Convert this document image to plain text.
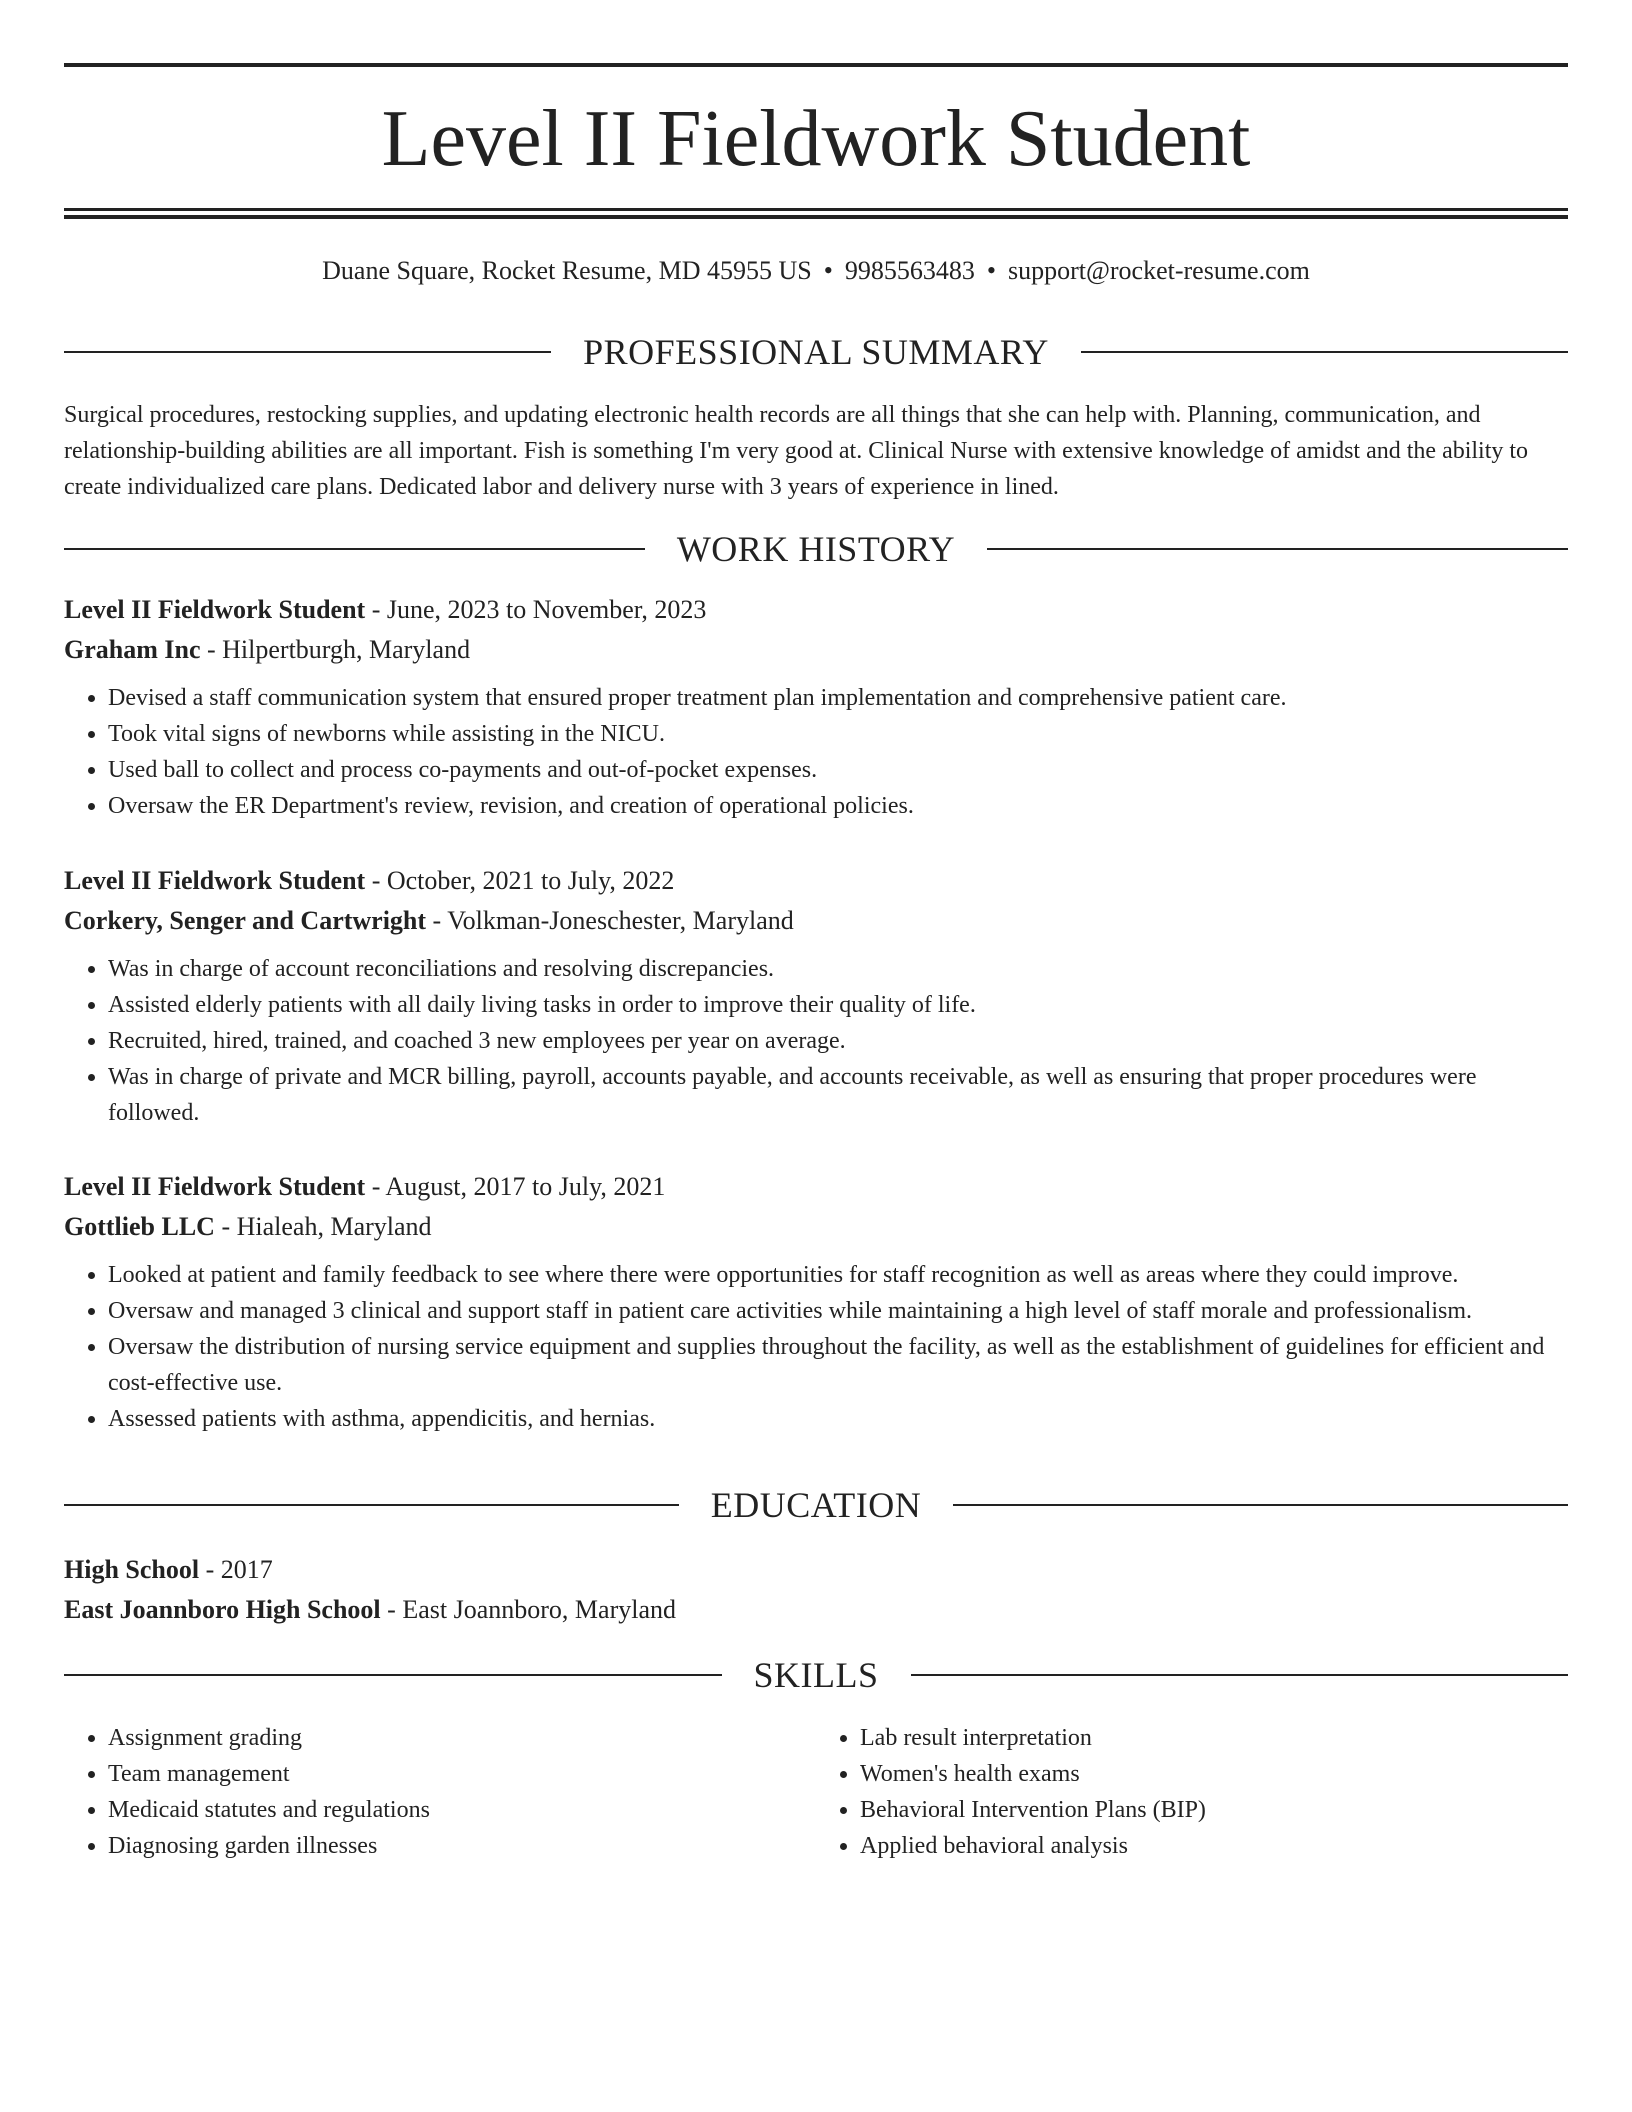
Level II Fieldwork Student
Duane Square, Rocket Resume, MD 45955 US • 9985563483 • support@rocket-resume.com
PROFESSIONAL SUMMARY

Surgical procedures, restocking supplies, and updating electronic health records are all things that she can help with. Planning, communication, and relationship-building abilities are all important. Fish is something I'm very good at. Clinical Nurse with extensive knowledge of amidst and the ability to create individualized care plans. Dedicated labor and delivery nurse with 3 years of experience in lined.

WORK HISTORY
Level II Fieldwork Student - June, 2023 to November, 2023
Graham Inc - Hilpertburgh, Maryland
• Devised a staff communication system that ensured proper treatment plan implementation and comprehensive patient care.
• Took vital signs of newborns while assisting in the NICU.
• Used ball to collect and process co-payments and out-of-pocket expenses.
• Oversaw the ER Department's review, revision, and creation of operational policies.
Level II Fieldwork Student - October, 2021 to July, 2022
Corkery, Senger and Cartwright - Volkman-Joneschester, Maryland
• Was in charge of account reconciliations and resolving discrepancies.
• Assisted elderly patients with all daily living tasks in order to improve their quality of life.
• Recruited, hired, trained, and coached 3 new employees per year on average.
• Was in charge of private and MCR billing, payroll, accounts payable, and accounts receivable, as well as ensuring that proper procedures were followed.
Level II Fieldwork Student - August, 2017 to July, 2021
Gottlieb LLC - Hialeah, Maryland
• Looked at patient and family feedback to see where there were opportunities for staff recognition as well as areas where they could improve.
• Oversaw and managed 3 clinical and support staff in patient care activities while maintaining a high level of staff morale and professionalism.
• Oversaw the distribution of nursing service equipment and supplies throughout the facility, as well as the establishment of guidelines for efficient and cost-effective use.
• Assessed patients with asthma, appendicitis, and hernias.
EDUCATION
High School - 2017
East Joannboro High School - East Joannboro, Maryland
SKILLS
• Assignment grading
• Team management
• Medicaid statutes and regulations
• Diagnosing garden illnesses
• Lab result interpretation
• Women's health exams
• Behavioral Intervention Plans (BIP)
• Applied behavioral analysis
